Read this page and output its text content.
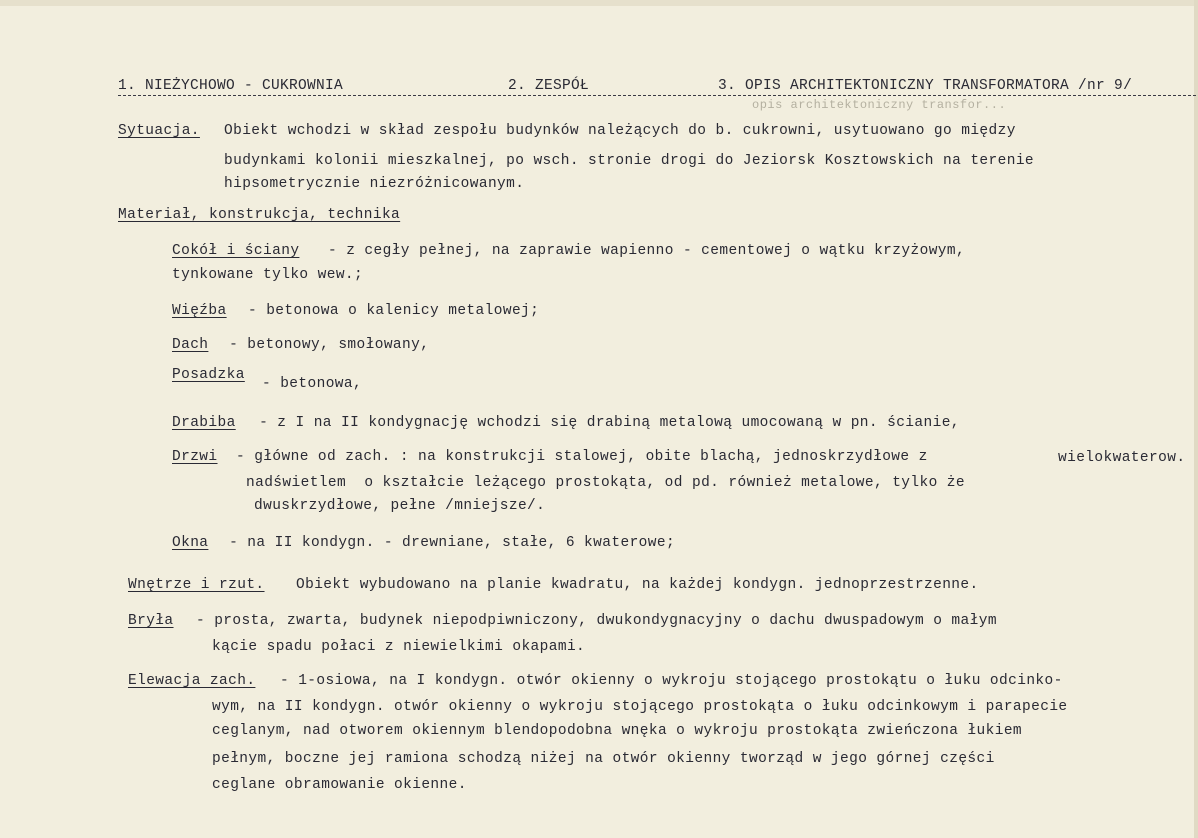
1. NIEŻYCHOWO - CUKROWNIA	2. ZESPÓŁ	3. OPIS ARCHITEKTONICZNY TRANSFORMATORA /nr 9/
opis architektoniczny transfor...
Sytuacja. Obiekt wchodzi w skład zespołu budynków należących do b. cukrowni, usytuowano go między
budynkami kolonii mieszkalnej, po wsch. stronie drogi do Jeziorsk Kosztowskich na terenie
hipsometrycznie niezróżnicowanym.
Materiał, konstrukcja, technika
Cokół i ściany - z cegły pełnej, na zaprawie wapienno - cementowej o wątku krzyżowym,
tynkowane tylko wew.;
Więźba - betonowa o kalenicy metalowej;
Dach - betonowy, smołowany,
Posadzka
- betonowa,
Drabiba - z I na II kondygnację wchodzi się drabiną metalową umocowaną w pn. ścianie,
Drzwi - główne od zach. : na konstrukcji stalowej, obite blachą, jednoskrzydłowe z	wielokwaterow.
nadświetlem  o kształcie leżącego prostokąta, od pd. również metalowe, tylko że
dwuskrzydłowe, pełne /mniejsze/.
Okna - na II kondygn. - drewniane, stałe, 6 kwaterowe;
Wnętrze i rzut. Obiekt wybudowano na planie kwadratu, na każdej kondygn. jednoprzestrzenne.
Bryła - prosta, zwarta, budynek niepodpiwniczony, dwukondygnacyjny o dachu dwuspadowym o małym
kącie spadu połaci z niewielkimi okapami.
Elewacja zach. - 1-osiowa, na I kondygn. otwór okienny o wykroju stojącego prostokątu o łuku odcinko-
wym, na II kondygn. otwór okienny o wykroju stojącego prostokąta o łuku odcinkowym i parapecie
ceglanym, nad otworem okiennym blendopodobna wnęka o wykroju prostokąta zwieńczona łukiem
pełnym, boczne jej ramiona schodzą niżej na otwór okienny tworząd w jego górnej części
ceglane obramowanie okienne.
